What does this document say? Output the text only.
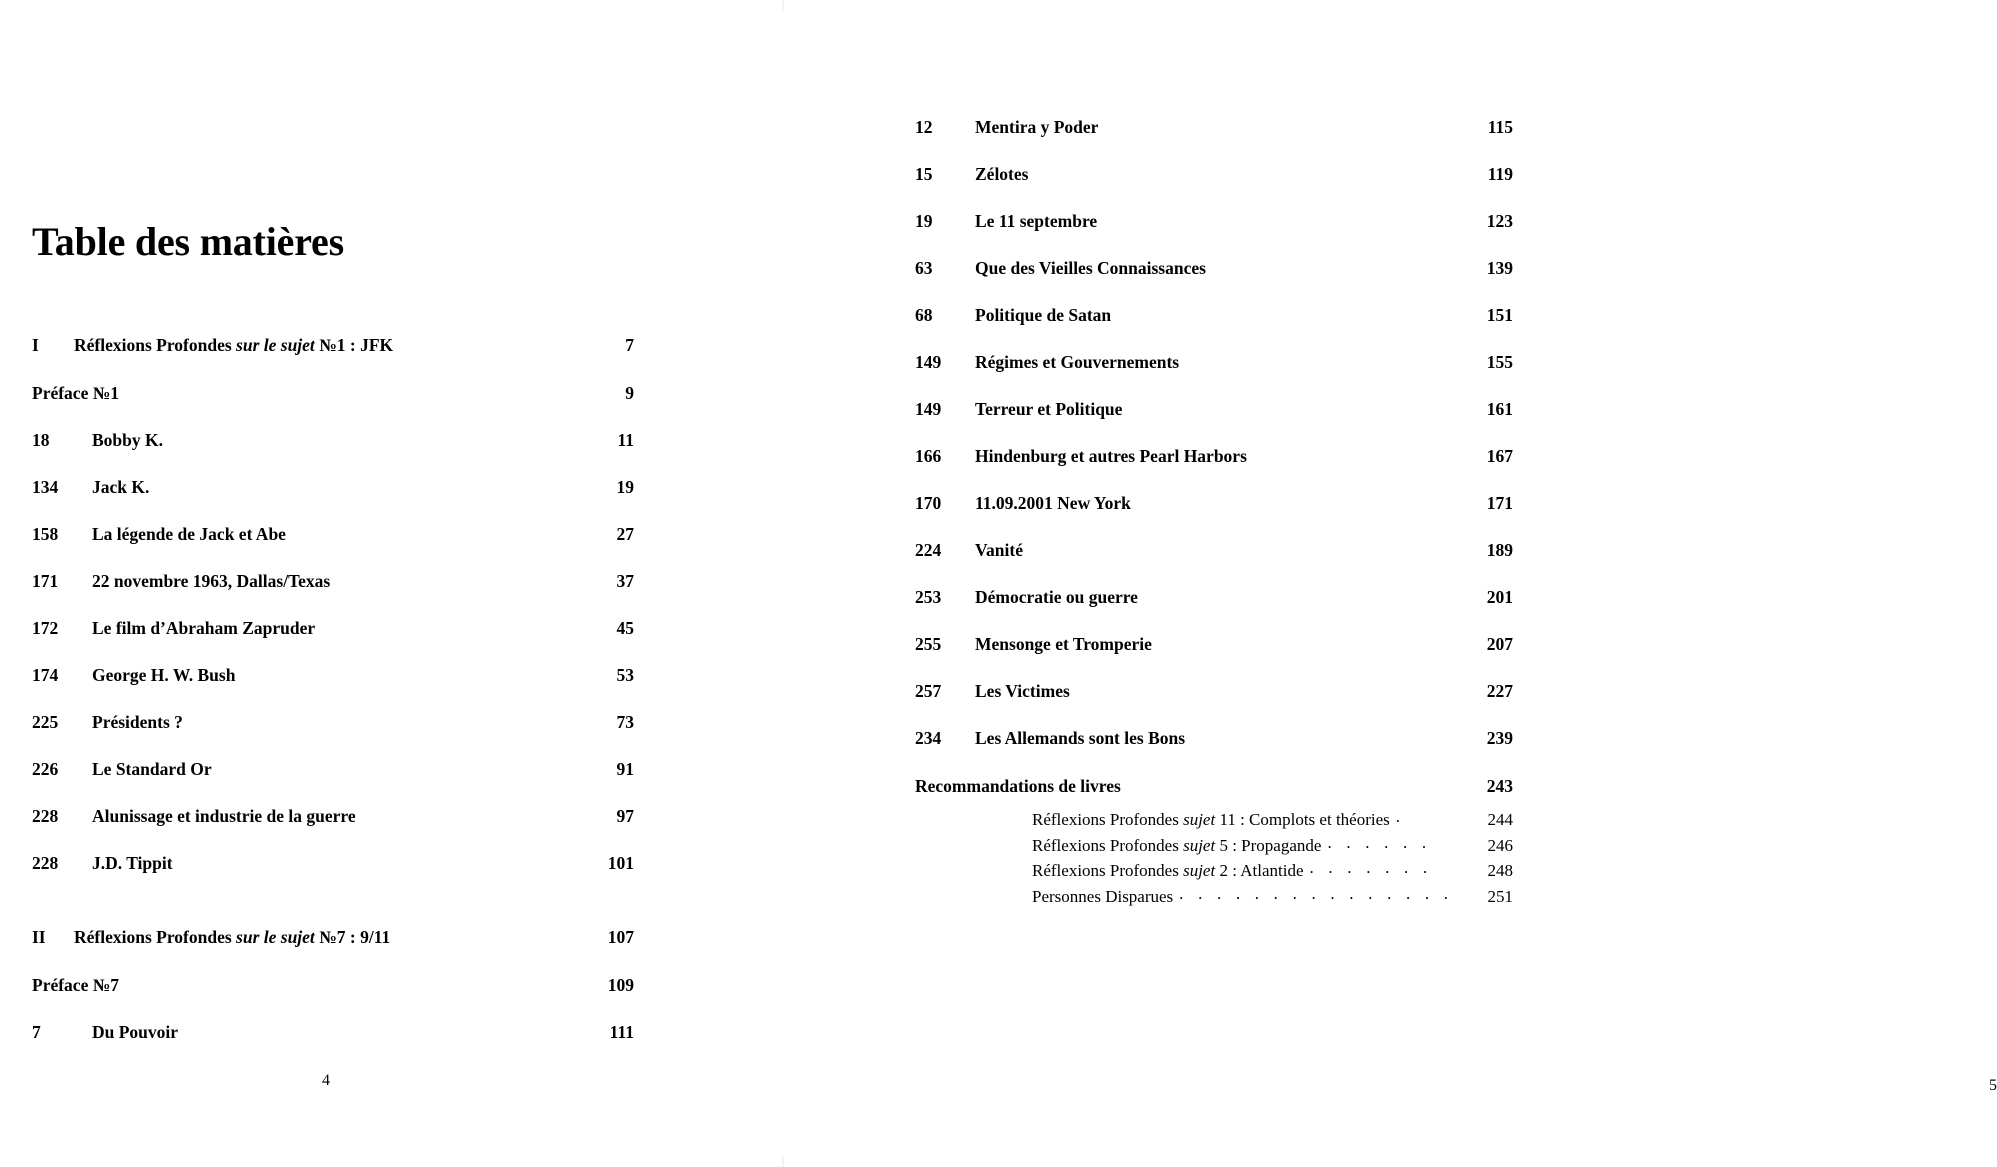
Table des matières
I	Réflexions Profondes sur le sujet №1 : JFK	7
Préface №1	9
18	Bobby K.	11
134	Jack K.	19
158	La légende de Jack et Abe	27
171	22 novembre 1963, Dallas/Texas	37
172	Le film d’Abraham Zapruder	45
174	George H. W. Bush	53
225	Présidents ?	73
226	Le Standard Or	91
228	Alunissage et industrie de la guerre	97
228	J.D. Tippit	101
II	Réflexions Profondes sur le sujet №7 : 9/11	107
Préface №7	109
7	Du Pouvoir	111
4
12	Mentira y Poder	115
15	Zélotes	119
19	Le 11 septembre	123
63	Que des Vieilles Connaissances	139
68	Politique de Satan	151
149	Régimes et Gouvernements	155
149	Terreur et Politique	161
166	Hindenburg et autres Pearl Harbors	167
170	11.09.2001 New York	171
224	Vanité	189
253	Démocratie ou guerre	201
255	Mensonge et Tromperie	207
257	Les Victimes	227
234	Les Allemands sont les Bons	239
Recommandations de livres	243
Réflexions Profondes sujet 11 : Complots et théories .	244
Réflexions Profondes sujet 5 : Propagande . . . . . .	246
Réflexions Profondes sujet 2 : Atlantide . . . . . . .	248
Personnes Disparues . . . . . . . . . . . . . . .	251
5
